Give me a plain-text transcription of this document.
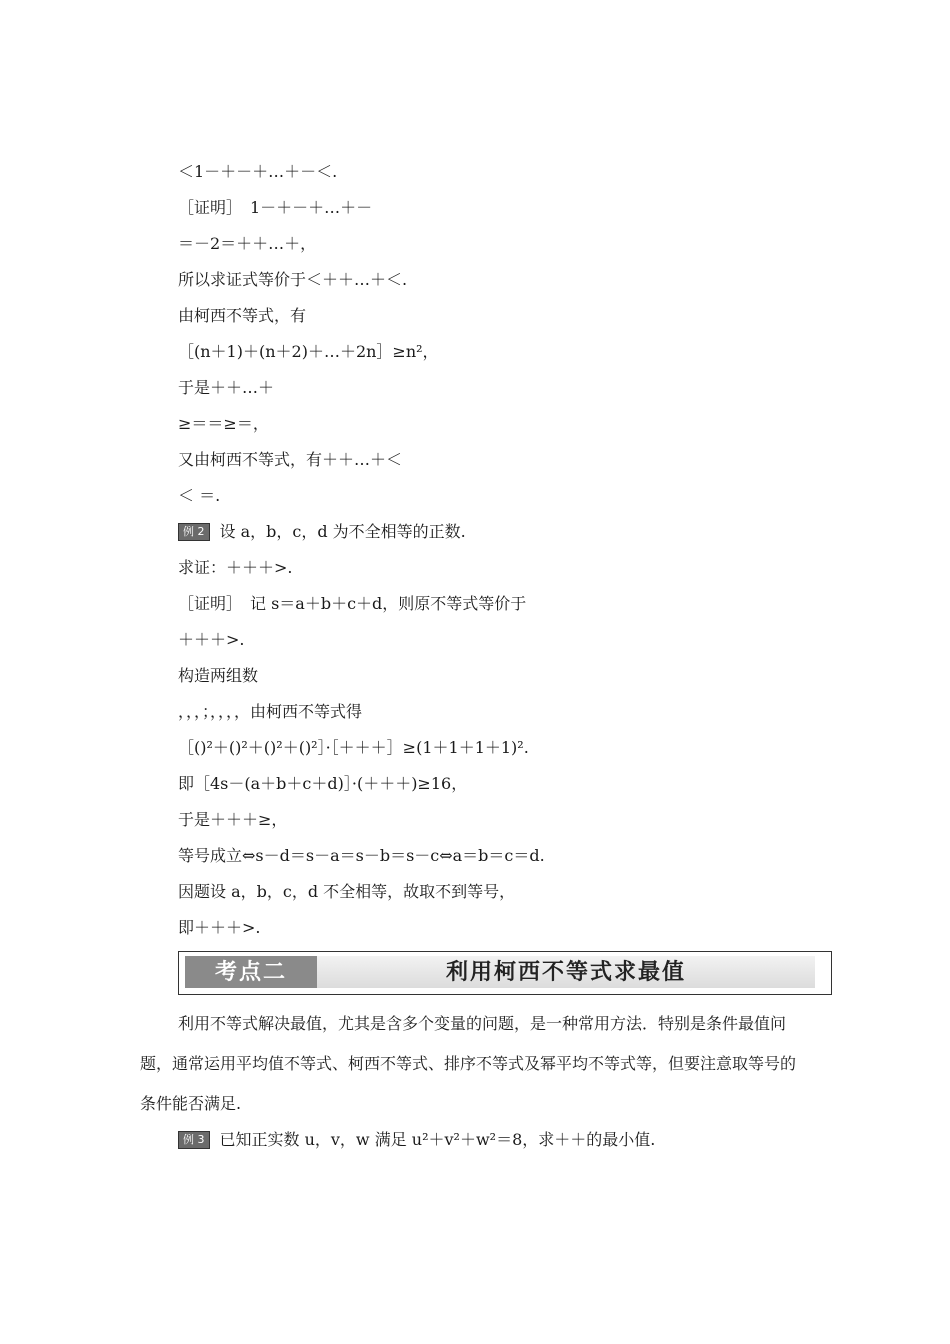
＜1－＋－＋…＋－＜.
［证明］　1－＋－＋…＋－
＝－2＝＋＋…＋，
所以求证式等价于＜＋＋…＋＜.
由柯西不等式，有
［(n＋1)＋(n＋2)＋…＋2n］≥n²，
于是＋＋…＋
≥＝＝≥＝，
又由柯西不等式，有＋＋…＋＜
＜ ＝.
例 2 设 a，b，c，d 为不全相等的正数.
求证：＋＋＋>.
［证明］　记 s＝a＋b＋c＋d，则原不等式等价于
＋＋＋>.
构造两组数
，，，；，，，，由柯西不等式得
［()²＋()²＋()²＋()²］·［＋＋＋］≥(1＋1＋1＋1)².
即［4s－(a＋b＋c＋d)］·(＋＋＋)≥16，
于是＋＋＋≥，
等号成立⇔s－d＝s－a＝s－b＝s－c⇔a＝b＝c＝d.
因题设 a，b，c，d 不全相等，故取不到等号，
即＋＋＋>.
考点二	利用柯西不等式求最值
利用不等式解决最值，尤其是含多个变量的问题，是一种常用方法．特别是条件最值问题，通常运用平均值不等式、柯西不等式、排序不等式及幂平均不等式等，但要注意取等号的条件能否满足.
例 3 已知正实数 u，v，w 满足 u²＋v²＋w²＝8，求＋＋的最小值.
